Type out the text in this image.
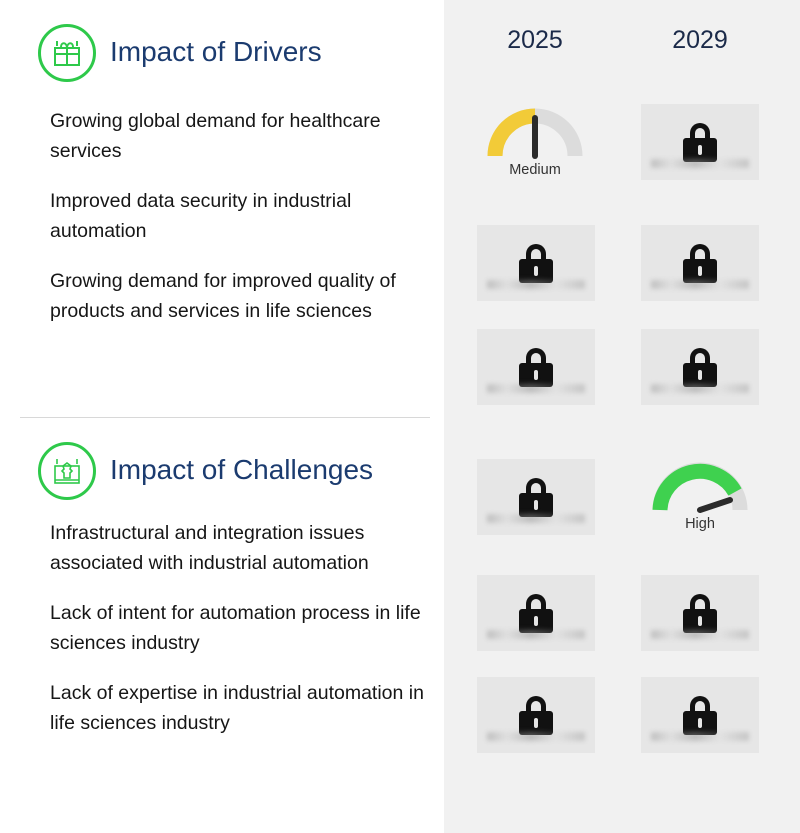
2025	2029
Impact of Drivers
Growing global demand for healthcare services
Improved data security in industrial automation
Growing demand for improved quality of products and services in life sciences
Impact of Challenges
Infrastructural and integration issues associated with industrial automation
Lack of intent for automation process in life sciences industry
Lack of expertise in industrial automation in life sciences industry
Medium
High
